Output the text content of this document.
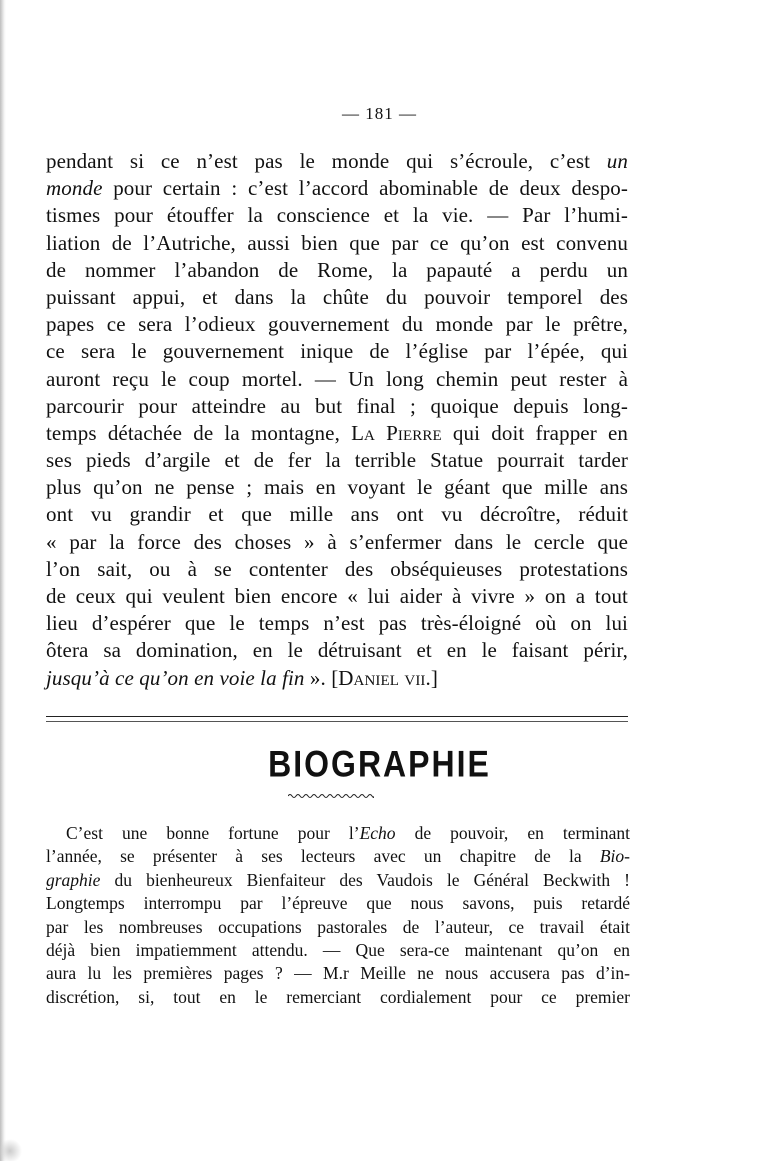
— 181 —
pendant si ce n’est pas le monde qui s’écroule, c’est un
monde pour certain : c’est l’accord abominable de deux despo-
tismes pour étouffer la conscience et la vie. — Par l’humi-
liation de l’Autriche, aussi bien que par ce qu’on est convenu
de nommer l’abandon de Rome, la papauté a perdu un
puissant appui, et dans la chûte du pouvoir temporel des
papes ce sera l’odieux gouvernement du monde par le prêtre,
ce sera le gouvernement inique de l’église par l’épée, qui
auront reçu le coup mortel. — Un long chemin peut rester à
parcourir pour atteindre au but final ; quoique depuis long-
temps détachée de la montagne, La Pierre qui doit frapper en
ses pieds d’argile et de fer la terrible Statue pourrait tarder
plus qu’on ne pense ; mais en voyant le géant que mille ans
ont vu grandir et que mille ans ont vu décroître, réduit
« par la force des choses » à s’enfermer dans le cercle que
l’on sait, ou à se contenter des obséquieuses protestations
de ceux qui veulent bien encore « lui aider à vivre » on a tout
lieu d’espérer que le temps n’est pas très-éloigné où on lui
ôtera sa domination, en le détruisant et en le faisant périr,
jusqu’à ce qu’on en voie la fin ». [Daniel vii.]
BIOGRAPHIE
C’est une bonne fortune pour l’Echo de pouvoir, en terminant
l’année, se présenter à ses lecteurs avec un chapitre de la Bio-
graphie du bienheureux Bienfaiteur des Vaudois le Général Beckwith !
Longtemps interrompu par l’épreuve que nous savons, puis retardé
par les nombreuses occupations pastorales de l’auteur, ce travail était
déjà bien impatiemment attendu. — Que sera-ce maintenant qu’on en
aura lu les premières pages ? — M.r Meille ne nous accusera pas d’in-
discrétion, si, tout en le remerciant cordialement pour ce premier
